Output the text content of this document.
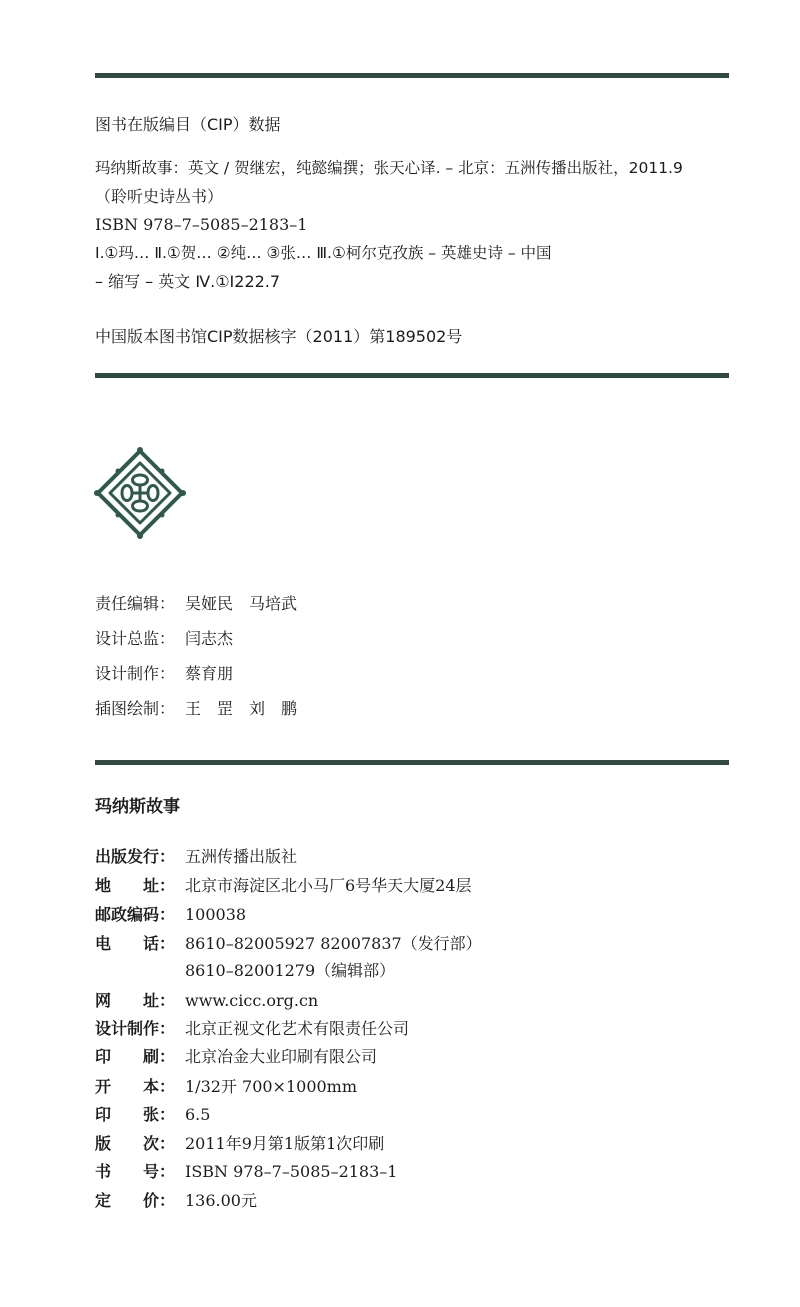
图书在版编目（CIP）数据
玛纳斯故事：英文 / 贺继宏，纯懿编撰；张天心译. – 北京：五洲传播出版社，2011.9
（聆听史诗丛书）
ISBN 978–7–5085–2183–1
Ⅰ.①玛… Ⅱ.①贺… ②纯… ③张… Ⅲ.①柯尔克孜族 – 英雄史诗 – 中国
– 缩写 – 英文 Ⅳ.①I222.7
中国版本图书馆CIP数据核字（2011）第189502号
责任编辑： 吴娅民　马培武
设计总监： 闫志杰
设计制作： 蔡育朋
插图绘制： 王　罡　刘　鹏
玛纳斯故事
出版发行： 五洲传播出版社
地　　址： 北京市海淀区北小马厂6号华天大厦24层
邮政编码： 100038
电　　话： 8610–82005927 82007837（发行部）
8610–82001279（编辑部）
网　　址： www.cicc.org.cn
设计制作： 北京正视文化艺术有限责任公司
印　　刷： 北京冶金大业印刷有限公司
开　　本： 1/32开 700×1000mm
印　　张： 6.5
版　　次： 2011年9月第1版第1次印刷
书　　号： ISBN 978–7–5085–2183–1
定　　价： 136.00元
